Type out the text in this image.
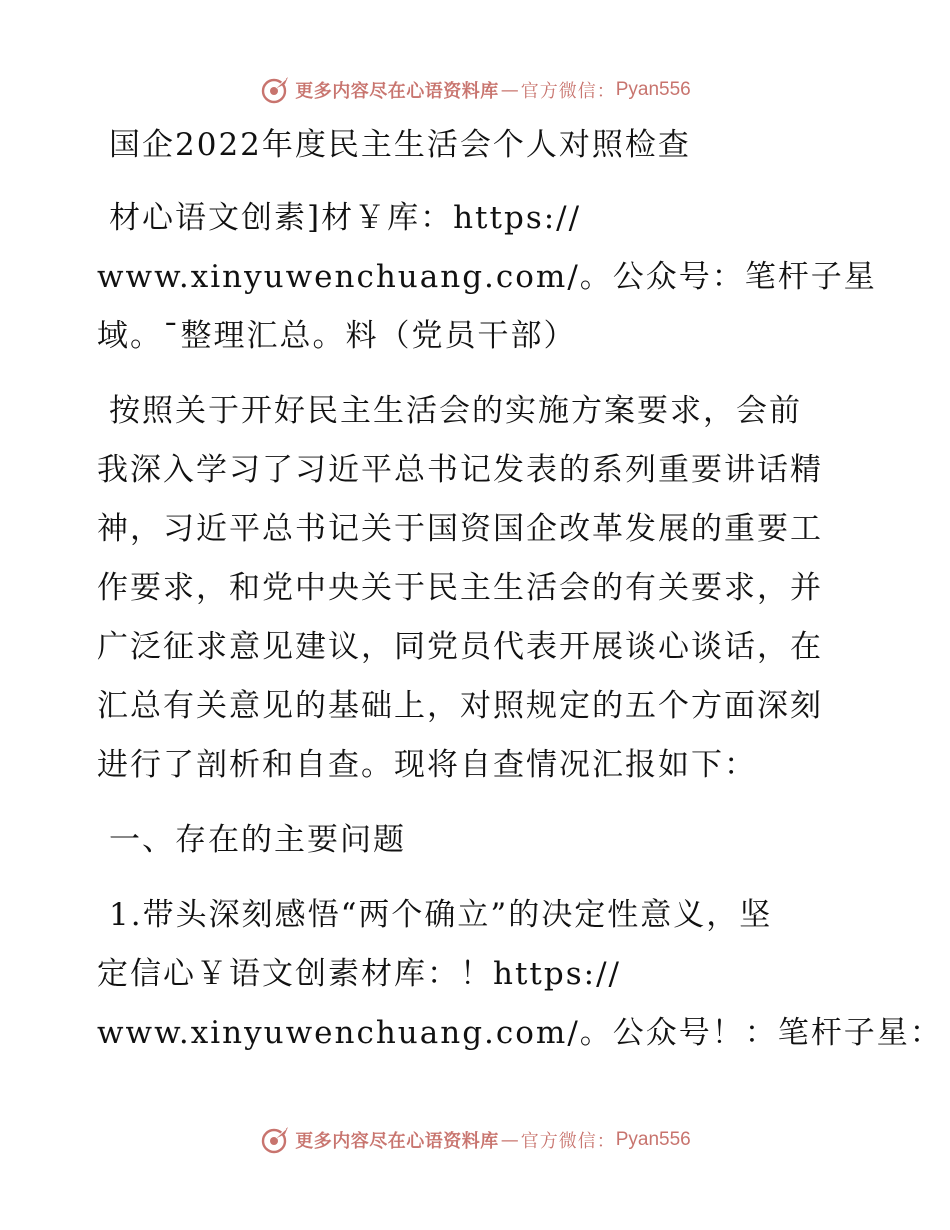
更多内容尽在心语资料库 — 官方微信： Pyan556
国企2022年度民主生活会个人对照检查
材心语文创素]材￥库：https://
www.xinyuwenchuang.com/。公众号：笔杆子星
域。¯整理汇总。料（党员干部）
按照关于开好民主生活会的实施方案要求，会前
我深入学习了习近平总书记发表的系列重要讲话精
神，习近平总书记关于国资国企改革发展的重要工
作要求，和党中央关于民主生活会的有关要求，并
广泛征求意见建议，同党员代表开展谈心谈话，在
汇总有关意见的基础上，对照规定的五个方面深刻
进行了剖析和自查。现将自查情况汇报如下：
一、存在的主要问题
1.带头深刻感悟“两个确立”的决定性意义，坚
定信心￥语文创素材库：！https://
www.xinyuwenchuang.com/。公众号！：笔杆子星：
更多内容尽在心语资料库 — 官方微信： Pyan556
